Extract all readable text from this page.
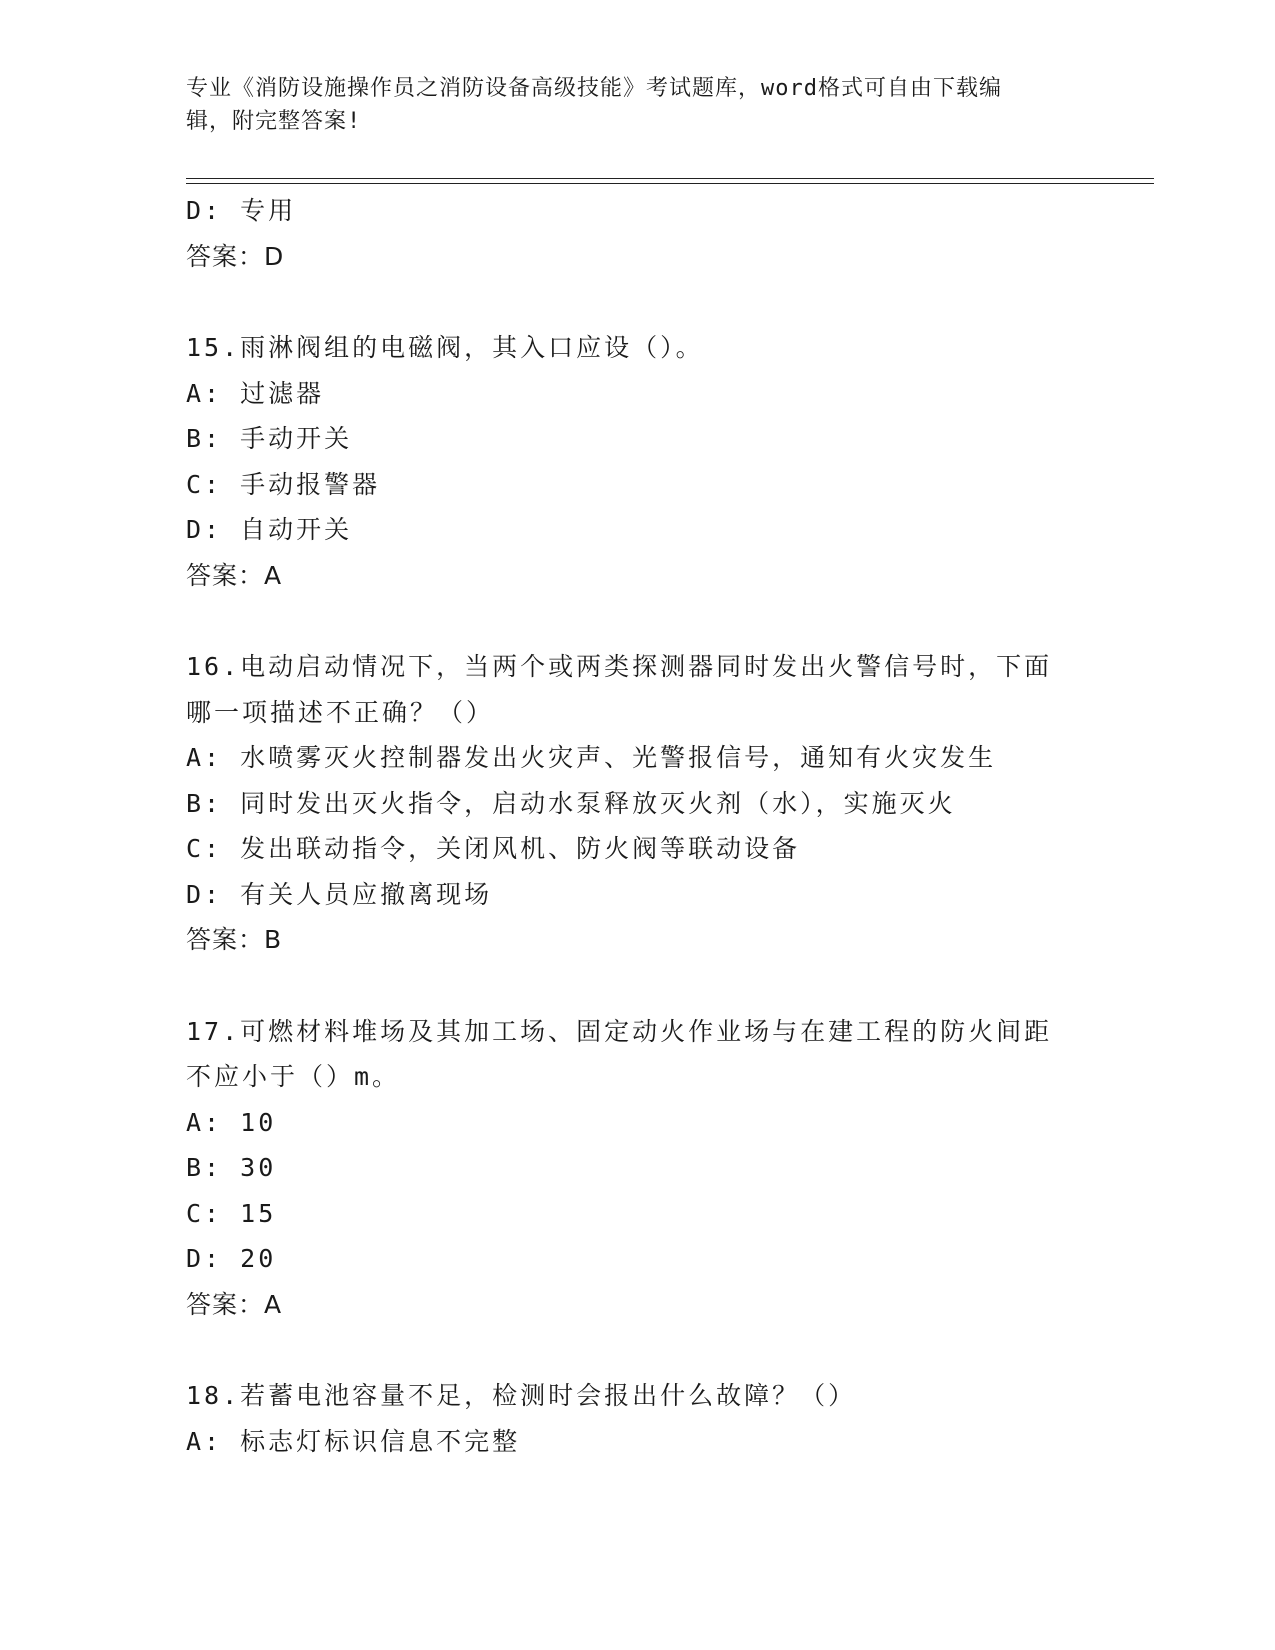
专业《消防设施操作员之消防设备高级技能》考试题库，word格式可自由下载编
辑，附完整答案!
D: 专用
答案：D
15.雨淋阀组的电磁阀，其入口应设（）。
A: 过滤器
B: 手动开关
C: 手动报警器
D: 自动开关
答案：A
16.电动启动情况下，当两个或两类探测器同时发出火警信号时，下面
哪一项描述不正确？（）
A: 水喷雾灭火控制器发出火灾声、光警报信号，通知有火灾发生
B: 同时发出灭火指令，启动水泵释放灭火剂（水），实施灭火
C: 发出联动指令，关闭风机、防火阀等联动设备
D: 有关人员应撤离现场
答案：B
17.可燃材料堆场及其加工场、固定动火作业场与在建工程的防火间距
不应小于（）m。
A: 10
B: 30
C: 15
D: 20
答案：A
18.若蓄电池容量不足，检测时会报出什么故障？（）
A: 标志灯标识信息不完整
